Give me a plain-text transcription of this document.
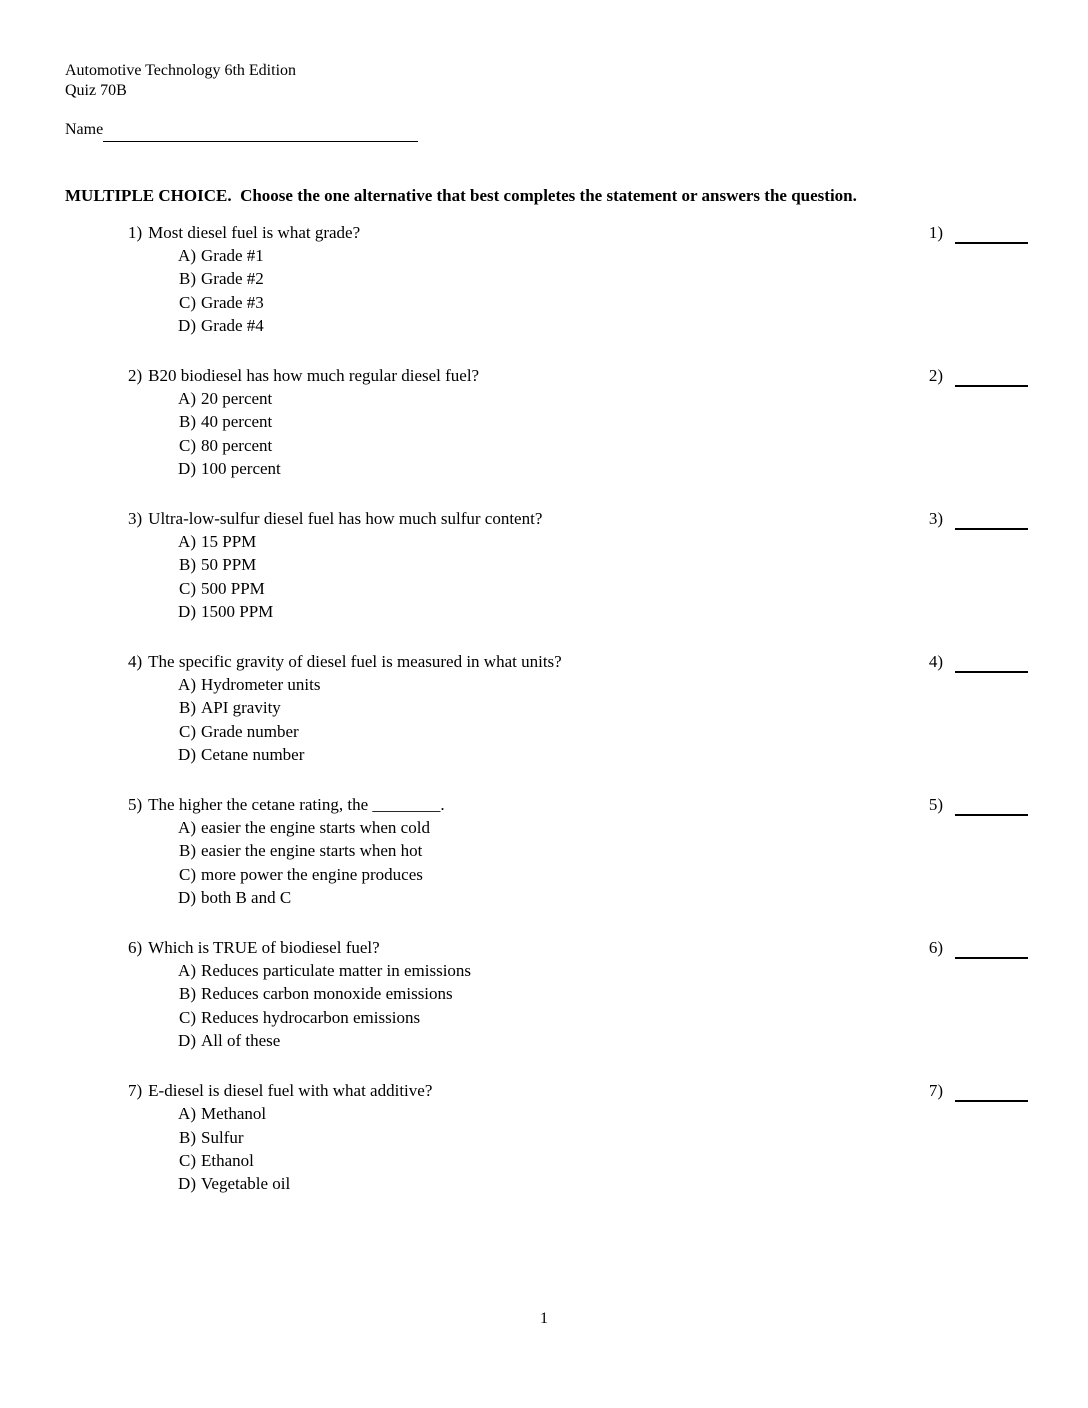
Automotive Technology 6th Edition
Quiz 70B
Name
MULTIPLE CHOICE.  Choose the one alternative that best completes the statement or answers the question.
1) Most diesel fuel is what grade?	1)
A) Grade #1
B) Grade #2
C) Grade #3
D) Grade #4
2) B20 biodiesel has how much regular diesel fuel?	2)
A) 20 percent
B) 40 percent
C) 80 percent
D) 100 percent
3) Ultra-low-sulfur diesel fuel has how much sulfur content?	3)
A) 15 PPM
B) 50 PPM
C) 500 PPM
D) 1500 PPM
4) The specific gravity of diesel fuel is measured in what units?	4)
A) Hydrometer units
B) API gravity
C) Grade number
D) Cetane number
5) The higher the cetane rating, the ________.	5)
A) easier the engine starts when cold
B) easier the engine starts when hot
C) more power the engine produces
D) both B and C
6) Which is TRUE of biodiesel fuel?	6)
A) Reduces particulate matter in emissions
B) Reduces carbon monoxide emissions
C) Reduces hydrocarbon emissions
D) All of these
7) E-diesel is diesel fuel with what additive?	7)
A) Methanol
B) Sulfur
C) Ethanol
D) Vegetable oil
1
